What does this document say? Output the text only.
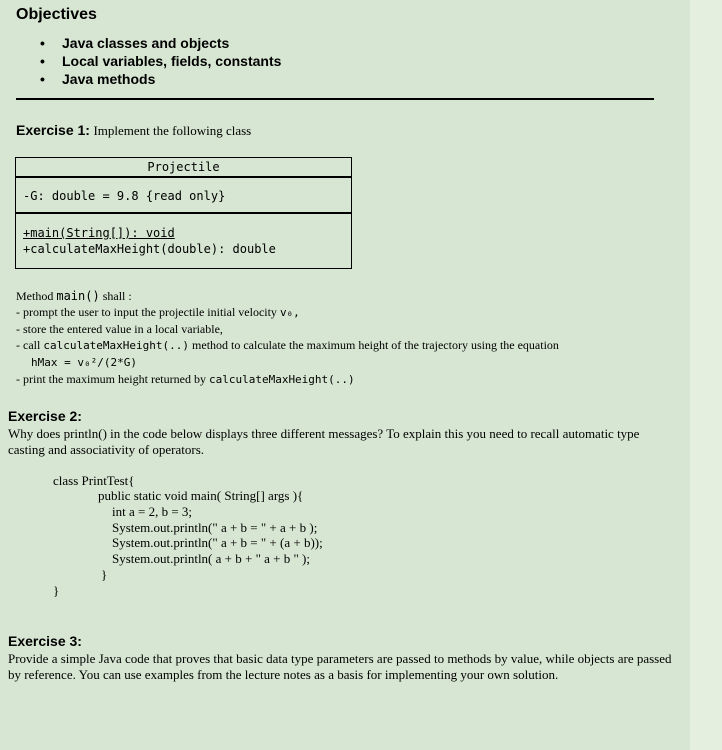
Objectives
• Java classes and objects
• Local variables, fields, constants
• Java methods
Exercise 1: Implement the following class
Projectile
-G: double = 9.8 {read only}
+main(String[]): void
+calculateMaxHeight(double): double
Method main() shall :
- prompt the user to input the projectile initial velocity v₀,
- store the entered value in a local variable,
- call calculateMaxHeight(..) method to calculate the maximum height of the trajectory using the equation
hMax = v₀²/(2*G)
- print the maximum height returned by calculateMaxHeight(..)
Exercise 2:
Why does println() in the code below displays three different messages? To explain this you need to recall automatic type casting and associativity of operators.
class PrintTest{
public static void main( String[] args ){
int a = 2, b = 3;
System.out.println(" a + b = " + a + b );
System.out.println(" a + b = " + (a + b));
System.out.println( a + b + " a + b " );
}
}
Exercise 3:
Provide a simple Java code that proves that basic data type parameters are passed to methods by value, while objects are passed by reference. You can use examples from the lecture notes as a basis for implementing your own solution.
